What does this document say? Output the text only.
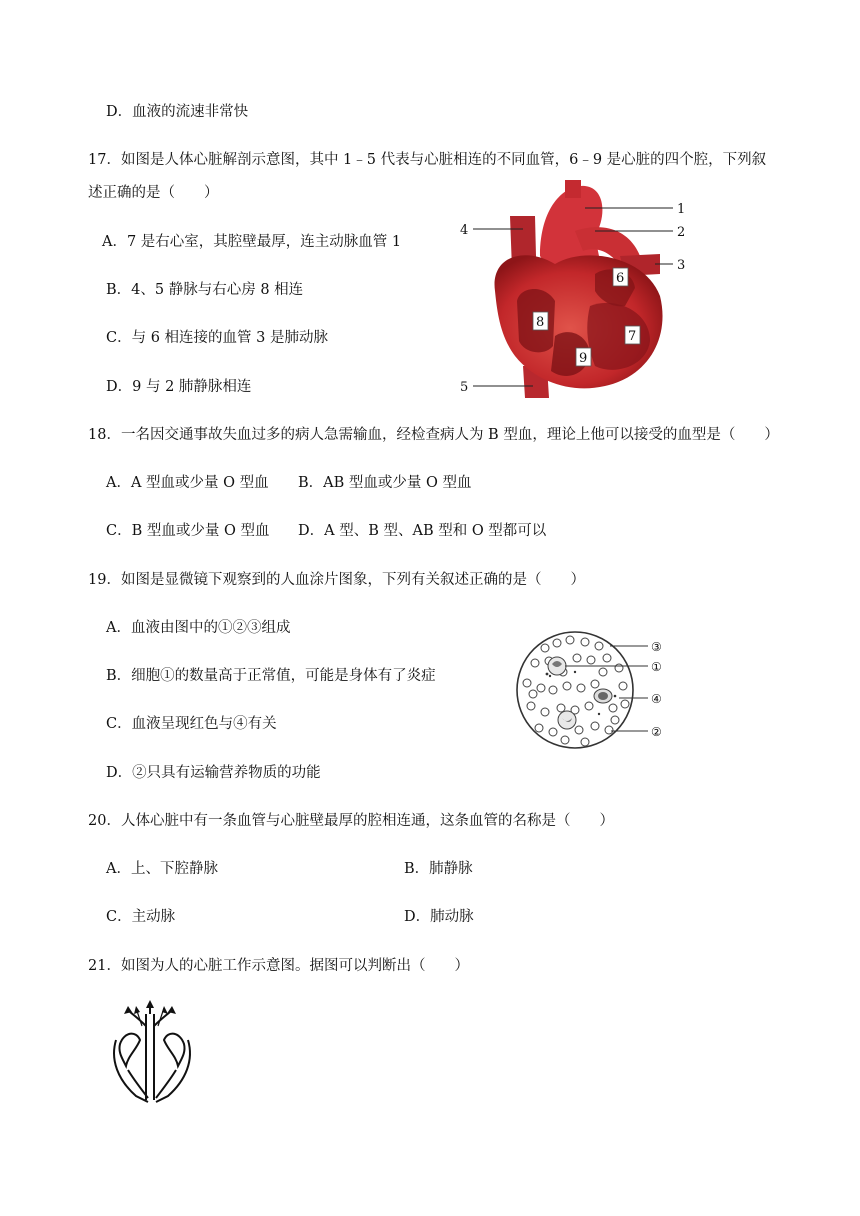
D．血液的流速非常快
17．如图是人体心脏解剖示意图，其中 1﹣5 代表与心脏相连的不同血管，6﹣9 是心脏的四个腔，下列叙
述正确的是（　　）
A．7 是右心室，其腔壁最厚，连主动脉血管 1
B．4、5 静脉与右心房 8 相连
C．与 6 相连接的血管 3 是肺动脉
D．9 与 2 肺静脉相连
1
2
3
4
5
6
7
8
9
18．一名因交通事故失血过多的病人急需输血，经检查病人为 B 型血，理论上他可以接受的血型是（　　）
A．A 型血或少量 O 型血 B．AB 型血或少量 O 型血
C．B 型血或少量 O 型血 D．A 型、B 型、AB 型和 O 型都可以
19．如图是显微镜下观察到的人血涂片图象，下列有关叙述正确的是（　　）
A．血液由图中的①②③组成
B．细胞①的数量高于正常值，可能是身体有了炎症
C．血液呈现红色与④有关
D．②只具有运输营养物质的功能
③
①
④
②
20．人体心脏中有一条血管与心脏壁最厚的腔相连通，这条血管的名称是（　　）
A．上、下腔静脉	B．肺静脉
C．主动脉	D．肺动脉
21．如图为人的心脏工作示意图。据图可以判断出（　　）
